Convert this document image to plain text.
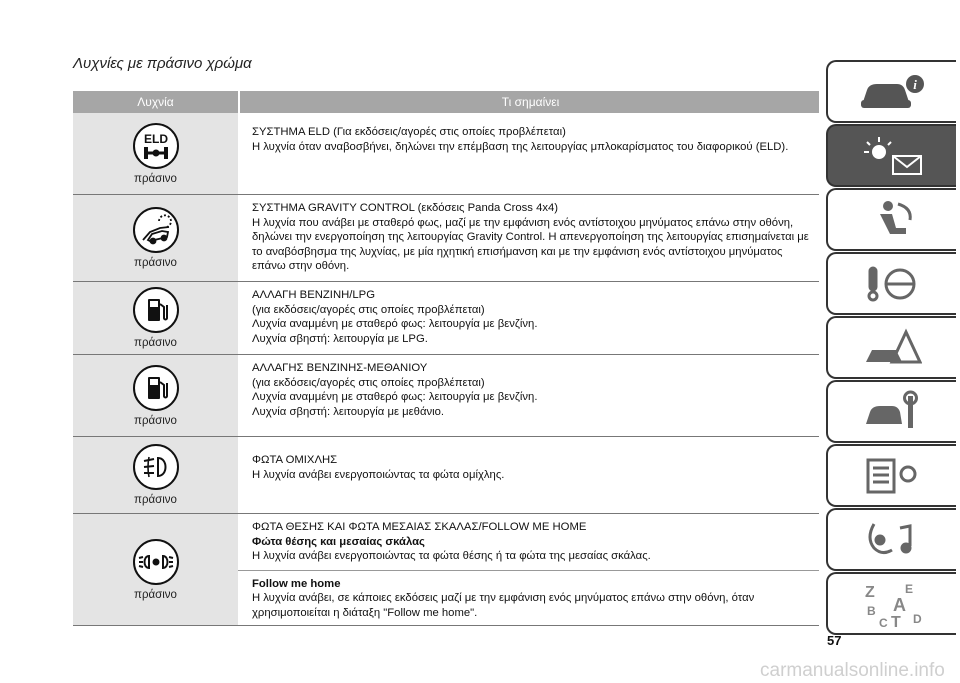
Λυχνίες με πράσινο χρώμα
Λυχνία	Τι σημαίνει
ELD
πράσινο
ΣΥΣΤΗΜΑ ELD (Για εκδόσεις/αγορές στις οποίες προβλέπεται)
Η λυχνία όταν αναβοσβήνει, δηλώνει την επέμβαση της λειτουργίας μπλοκαρίσματος του διαφορικού (ELD).
πράσινο
ΣΥΣΤΗΜΑ GRAVITY CONTROL (εκδόσεις Panda Cross 4x4)
Η λυχνία που ανάβει με σταθερό φως, μαζί με την εμφάνιση ενός αντίστοιχου μηνύματος επάνω στην οθόνη, δηλώνει την ενεργοποίηση της λειτουργίας Gravity Control. Η απενεργοποίηση της λειτουργίας επισημαίνεται με το αναβόσβησμα της λυχνίας, με μία ηχητική επισήμανση και με την εμφάνιση ενός αντίστοιχου μηνύματος επάνω στην οθόνη.
πράσινο
ΑΛΛΑΓΗ ΒΕΝΖΙΝΗ/LPG
(για εκδόσεις/αγορές στις οποίες προβλέπεται)
Λυχνία αναμμένη με σταθερό φως: λειτουργία με βενζίνη.
Λυχνία σβηστή: λειτουργία με LPG.
πράσινο
ΑΛΛΑΓΗΣ ΒΕΝΖΙΝΗΣ-ΜΕΘΑΝΙΟΥ
(για εκδόσεις/αγορές στις οποίες προβλέπεται)
Λυχνία αναμμένη με σταθερό φως: λειτουργία με βενζίνη.
Λυχνία σβηστή: λειτουργία με μεθάνιο.
πράσινο
ΦΩΤΑ ΟΜΙΧΛΗΣ
Η λυχνία ανάβει ενεργοποιώντας τα φώτα ομίχλης.
πράσινο
ΦΩΤΑ ΘΕΣΗΣ ΚΑΙ ΦΩΤΑ ΜΕΣΑΙΑΣ ΣΚΑΛΑΣ/FOLLOW ME HOME
Φώτα θέσης και μεσαίας σκάλας
Η λυχνία ανάβει ενεργοποιώντας τα φώτα θέσης ή τα φώτα της μεσαίας σκάλας.
Follow me home
Η λυχνία ανάβει, σε κάποιες εκδόσεις μαζί με την εμφάνιση ενός μηνύματος επάνω στην οθόνη, όταν χρησιμοποιείται η διάταξη "Follow me home".
i
Z	E
B A
C T D
57
carmanualsonline.info
